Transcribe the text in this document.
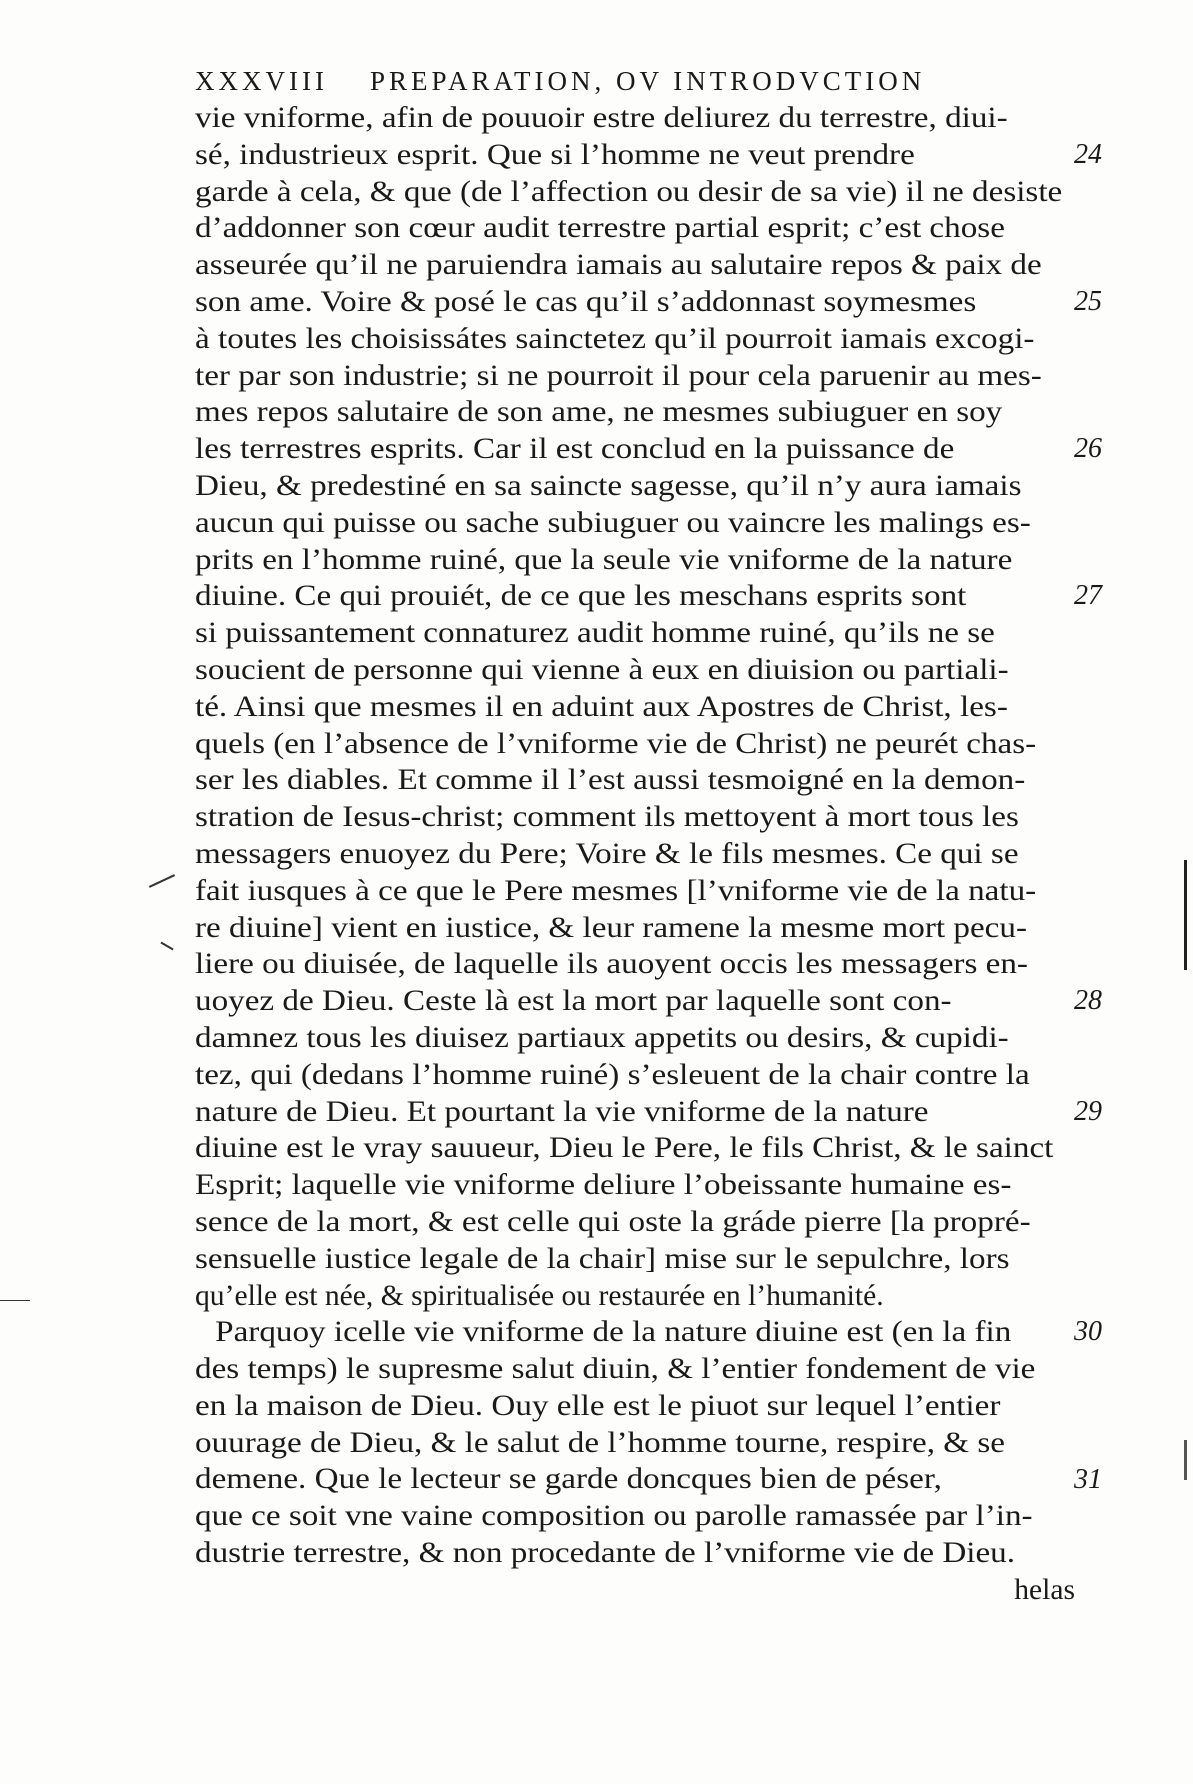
XXXVIII PREPARATION, OV INTRODVCTION
vie vniforme, afin de pouuoir estre deliurez du terrestre, diui-
sé, industrieux esprit. Que si l’homme ne veut prendre
garde à cela, & que (de l’affection ou desir de sa vie) il ne desiste
d’addonner son cœur audit terrestre partial esprit; c’est chose
asseurée qu’il ne paruiendra iamais au salutaire repos & paix de
son ame. Voire & posé le cas qu’il s’addonnast soymesmes
à toutes les choisissátes sainctetez qu’il pourroit iamais excogi-
ter par son industrie; si ne pourroit il pour cela paruenir au mes-
mes repos salutaire de son ame, ne mesmes subiuguer en soy
les terrestres esprits. Car il est conclud en la puissance de
Dieu, & predestiné en sa saincte sagesse, qu’il n’y aura iamais
aucun qui puisse ou sache subiuguer ou vaincre les malings es-
prits en l’homme ruiné, que la seule vie vniforme de la nature
diuine. Ce qui prouiét, de ce que les meschans esprits sont
si puissantement connaturez audit homme ruiné, qu’ils ne se
soucient de personne qui vienne à eux en diuision ou partiali-
té. Ainsi que mesmes il en aduint aux Apostres de Christ, les-
quels (en l’absence de l’vniforme vie de Christ) ne peurét chas-
ser les diables. Et comme il l’est aussi tesmoigné en la demon-
stration de Iesus-christ; comment ils mettoyent à mort tous les
messagers enuoyez du Pere; Voire & le fils mesmes. Ce qui se
fait iusques à ce que le Pere mesmes [l’vniforme vie de la natu-
re diuine] vient en iustice, & leur ramene la mesme mort pecu-
liere ou diuisée, de laquelle ils auoyent occis les messagers en-
uoyez de Dieu. Ceste là est la mort par laquelle sont con-
damnez tous les diuisez partiaux appetits ou desirs, & cupidi-
tez, qui (dedans l’homme ruiné) s’esleuent de la chair contre la
nature de Dieu. Et pourtant la vie vniforme de la nature
diuine est le vray sauueur, Dieu le Pere, le fils Christ, & le sainct
Esprit; laquelle vie vniforme deliure l’obeissante humaine es-
sence de la mort, & est celle qui oste la gráde pierre [la propré-
sensuelle iustice legale de la chair] mise sur le sepulchre, lors
qu’elle est née, & spiritualisée ou restaurée en l’humanité.
Parquoy icelle vie vniforme de la nature diuine est (en la fin
des temps) le supresme salut diuin, & l’entier fondement de vie
en la maison de Dieu. Ouy elle est le piuot sur lequel l’entier
ouurage de Dieu, & le salut de l’homme tourne, respire, & se
demene. Que le lecteur se garde doncques bien de péser,
que ce soit vne vaine composition ou parolle ramassée par l’in-
dustrie terrestre, & non procedante de l’vniforme vie de Dieu.
helas
24
25
26
27
28
29
30
31
